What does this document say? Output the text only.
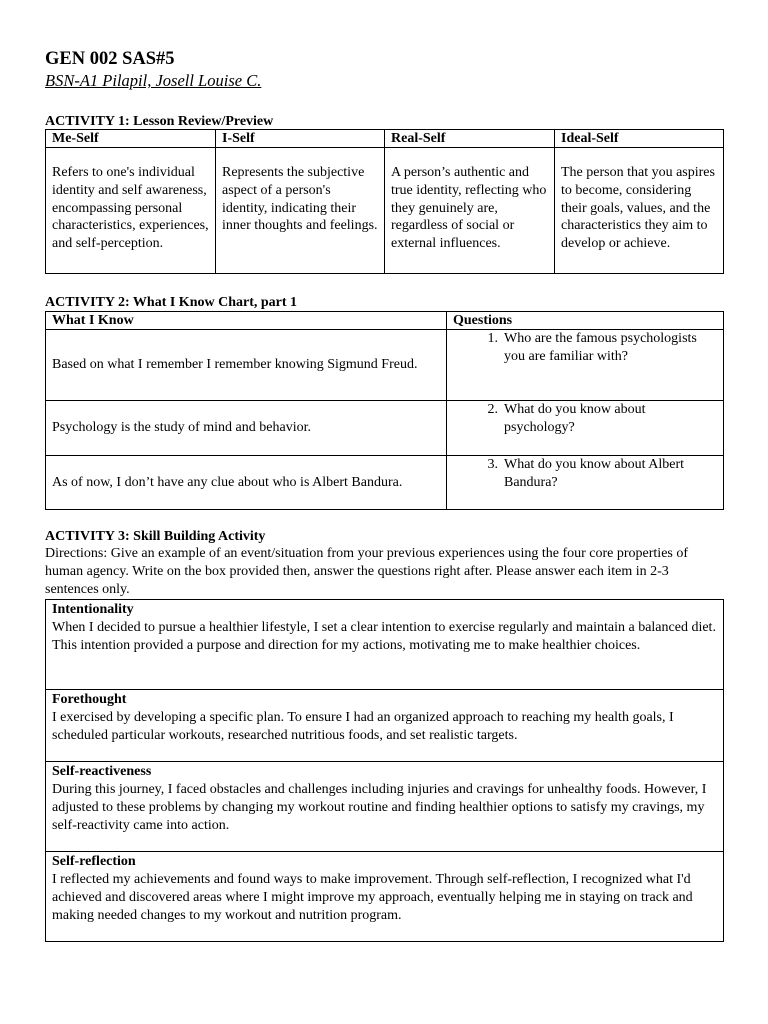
GEN 002 SAS#5
BSN-A1 Pilapil, Josell Louise C.
ACTIVITY 1: Lesson Review/Preview
Me-Self	I-Self	Real-Self	Ideal-Self
Refers to one's individual identity and self awareness, encompassing personal characteristics, experiences, and self-perception.	Represents the subjective aspect of a person's identity, indicating their inner thoughts and feelings.	A person’s authentic and true identity, reflecting who they genuinely are, regardless of social or external influences.	The person that you aspires to become, considering their goals, values, and the characteristics they aim to develop or achieve.
ACTIVITY 2: What I Know Chart, part 1
What I Know	Questions
Based on what I remember I remember knowing Sigmund Freud.	1. Who are the famous psychologists you are familiar with?

Psychology is the study of mind and behavior.	2. What do you know about psychology?

As of now, I don’t have any clue about who is Albert Bandura.	3. What do you know about Albert Bandura?
ACTIVITY 3: Skill Building Activity
Directions: Give an example of an event/situation from your previous experiences using the four core properties of human agency. Write on the box provided then, answer the questions right after. Please answer each item in 2-3 sentences only.
Intentionality
When I decided to pursue a healthier lifestyle, I set a clear intention to exercise regularly and maintain a balanced diet. This intention provided a purpose and direction for my actions, motivating me to make healthier choices.

Forethought
I exercised by developing a specific plan. To ensure I had an organized approach to reaching my health goals, I scheduled particular workouts, researched nutritious foods, and set realistic targets.

Self-reactiveness
During this journey, I faced obstacles and challenges including injuries and cravings for unhealthy foods. However, I adjusted to these problems by changing my workout routine and finding healthier options to satisfy my cravings, my self-reactivity came into action.

Self-reflection
I reflected my achievements and found ways to make improvement. Through self-reflection, I recognized what I'd achieved and discovered areas where I might improve my approach, eventually helping me in staying on track and making needed changes to my workout and nutrition program.
